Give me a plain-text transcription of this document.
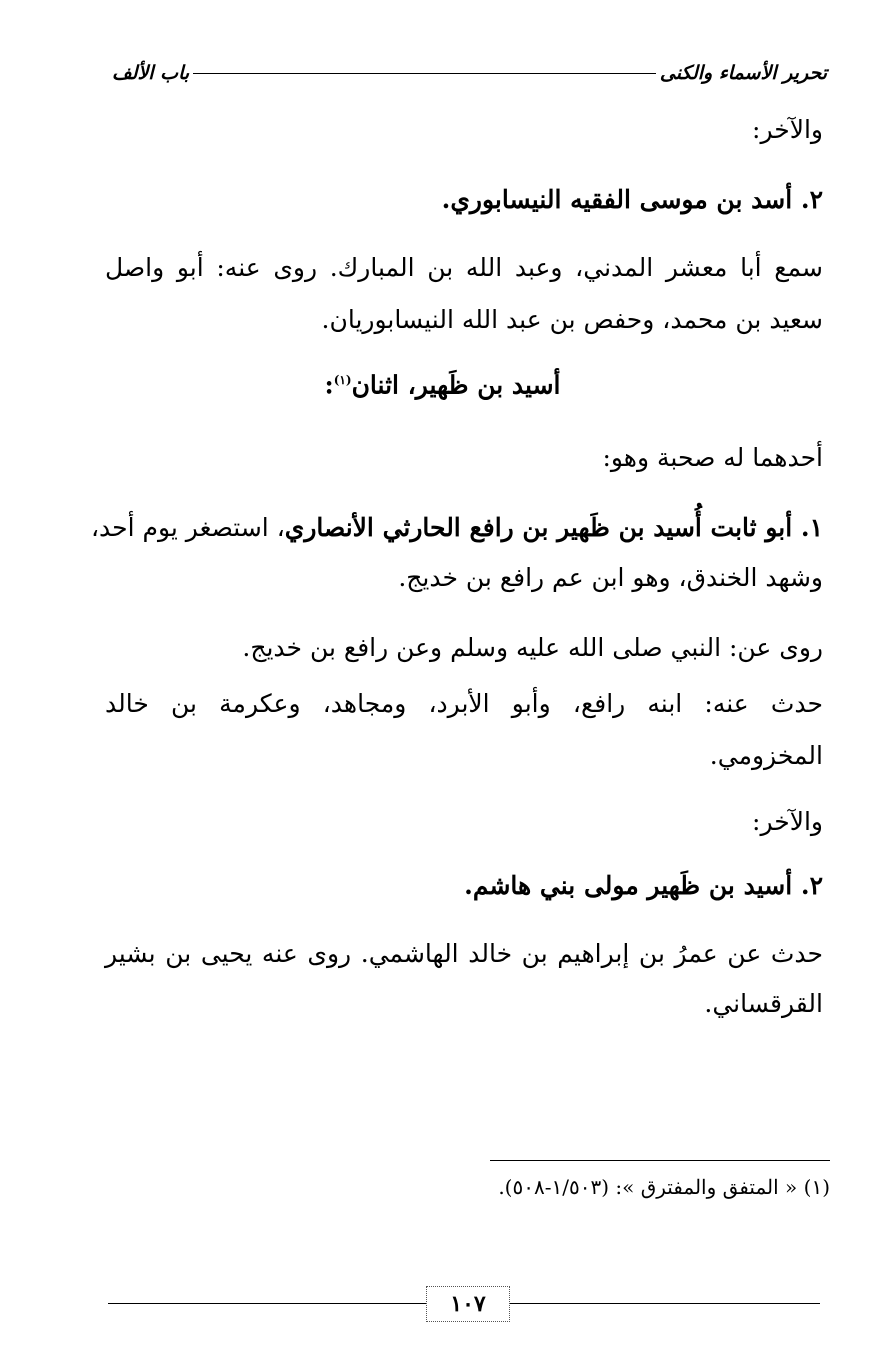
تحرير الأسماء والكنى
باب الألف
والآخر:
٢. أسد بن موسى الفقيه النيسابوري.
سمع أبا معشر المدني، وعبد الله بن المبارك. روى عنه: أبو واصل
سعيد بن محمد، وحفص بن عبد الله النيسابوريان.
أسيد بن ظَهير، اثنان$^{(١)}$:
أحدهما له صحبة وهو:
١. أبو ثابت أُسيد بن ظَهير بن رافع الحارثي الأنصاري، استصغر يوم أحد،
وشهد الخندق، وهو ابن عم رافع بن خديج.
روى عن: النبي صلى الله عليه وسلم وعن رافع بن خديج.
حدث عنه: ابنه رافع، وأبو الأبرد، ومجاهد، وعكرمة بن خالد
المخزومي.
والآخر:
٢. أسيد بن ظَهير مولى بني هاشم.
حدث عن عمرُ بن إبراهيم بن خالد الهاشمي. روى عنه يحيى بن بشير
القرقساني.
(١) « المتفق والمفترق »: (١/٥٠٣-٥٠٨).
١٠٧
